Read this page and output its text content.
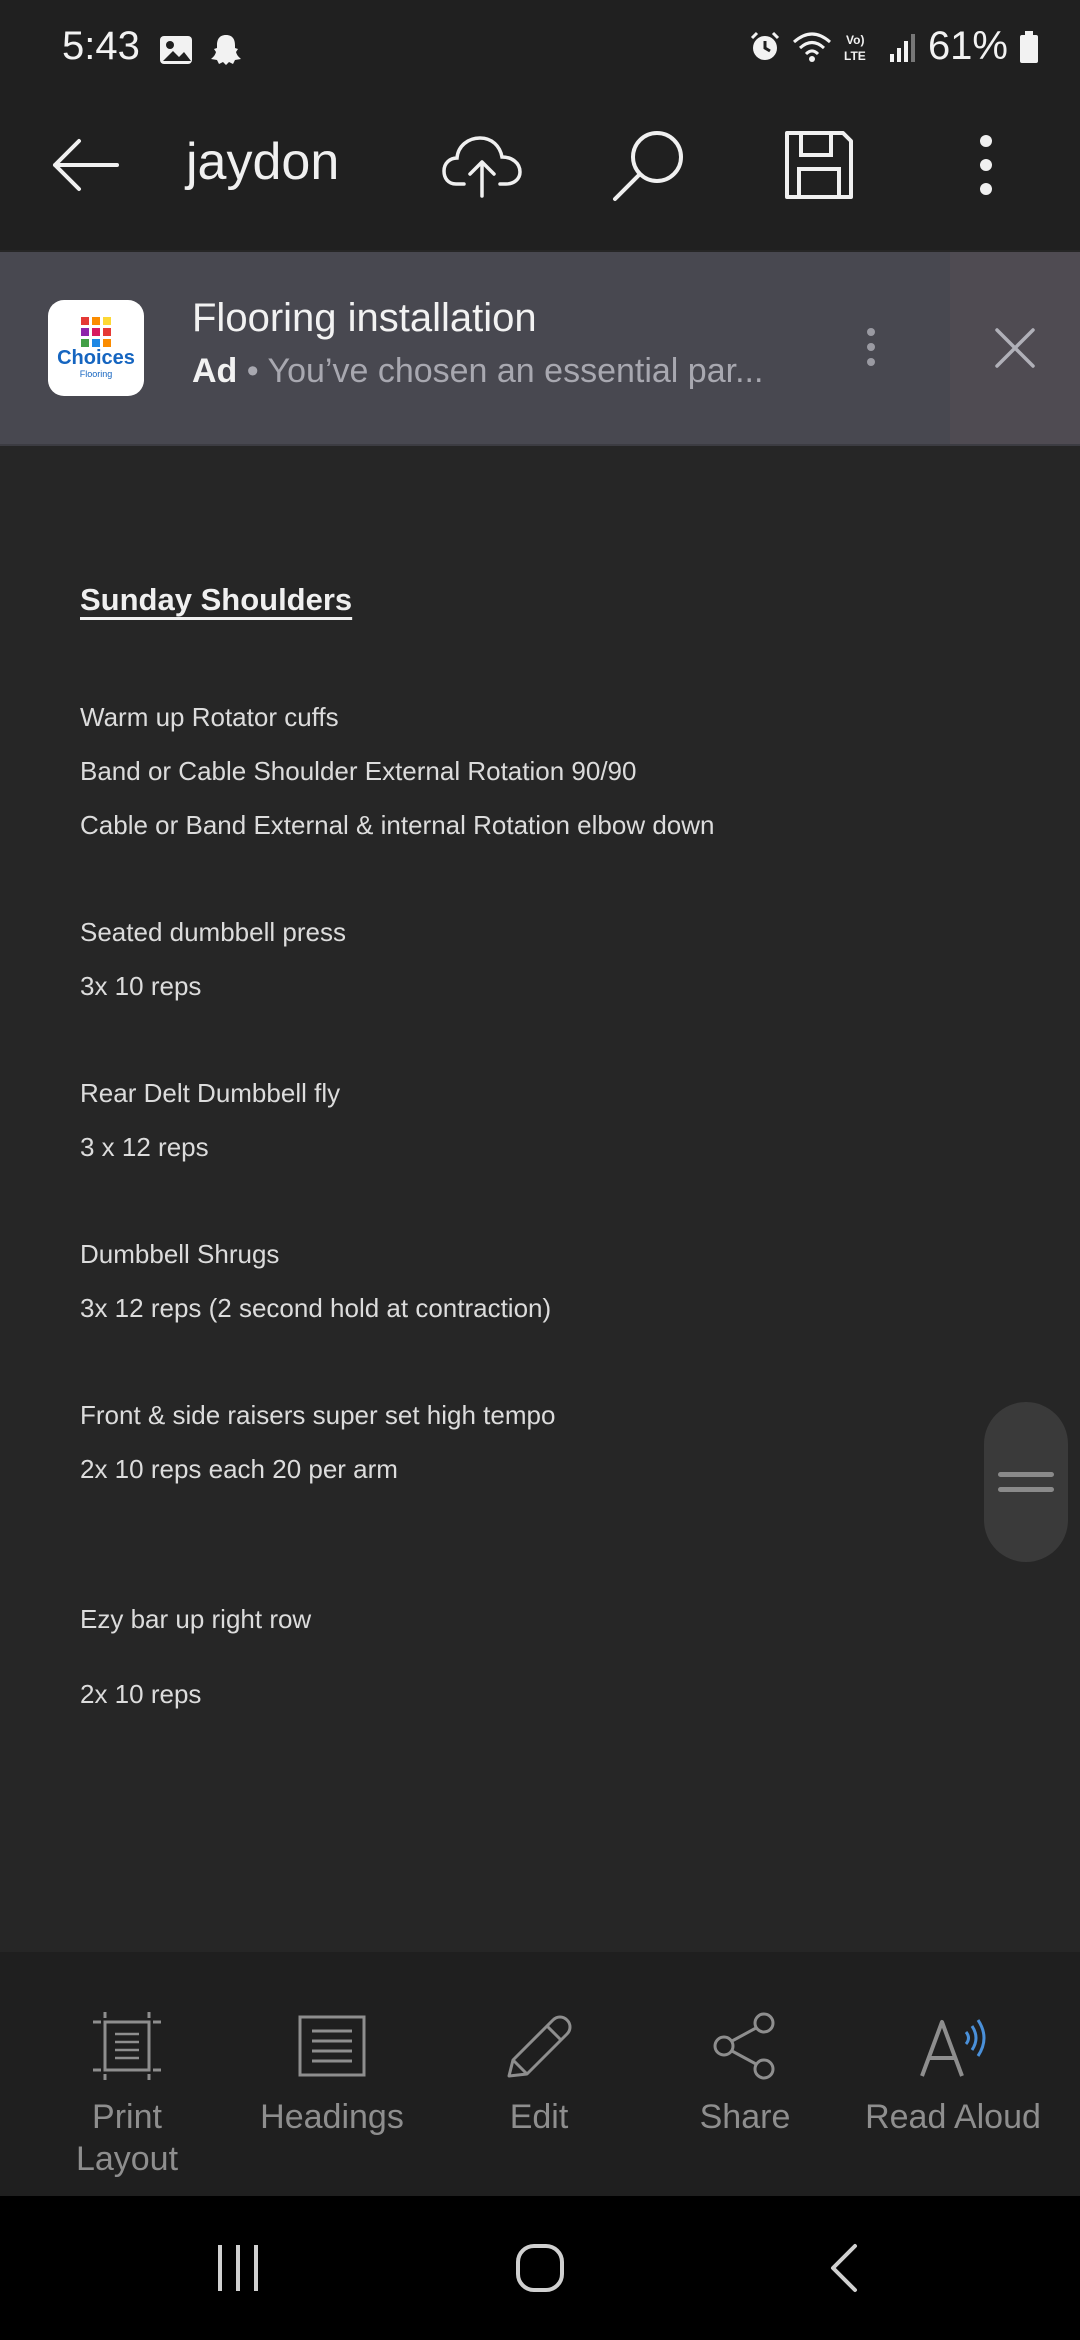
5:43	Vo)
LTE 61%
jaydon
Choices
Flooring
Flooring installation
Ad • You’ve chosen an essential par...
Sunday Shoulders
Warm up Rotator cuffs
Band or Cable Shoulder External Rotation 90/90
Cable or Band External & internal Rotation elbow down
Seated dumbbell press
3x 10 reps
Rear Delt Dumbbell fly
3 x 12 reps
Dumbbell Shrugs
3x 12 reps (2 second hold at contraction)
Front & side raisers super set high tempo
2x 10 reps each 20 per arm
Ezy bar up right row
2x 10 reps
Print Layout
Headings	Edit	Share Read Aloud
